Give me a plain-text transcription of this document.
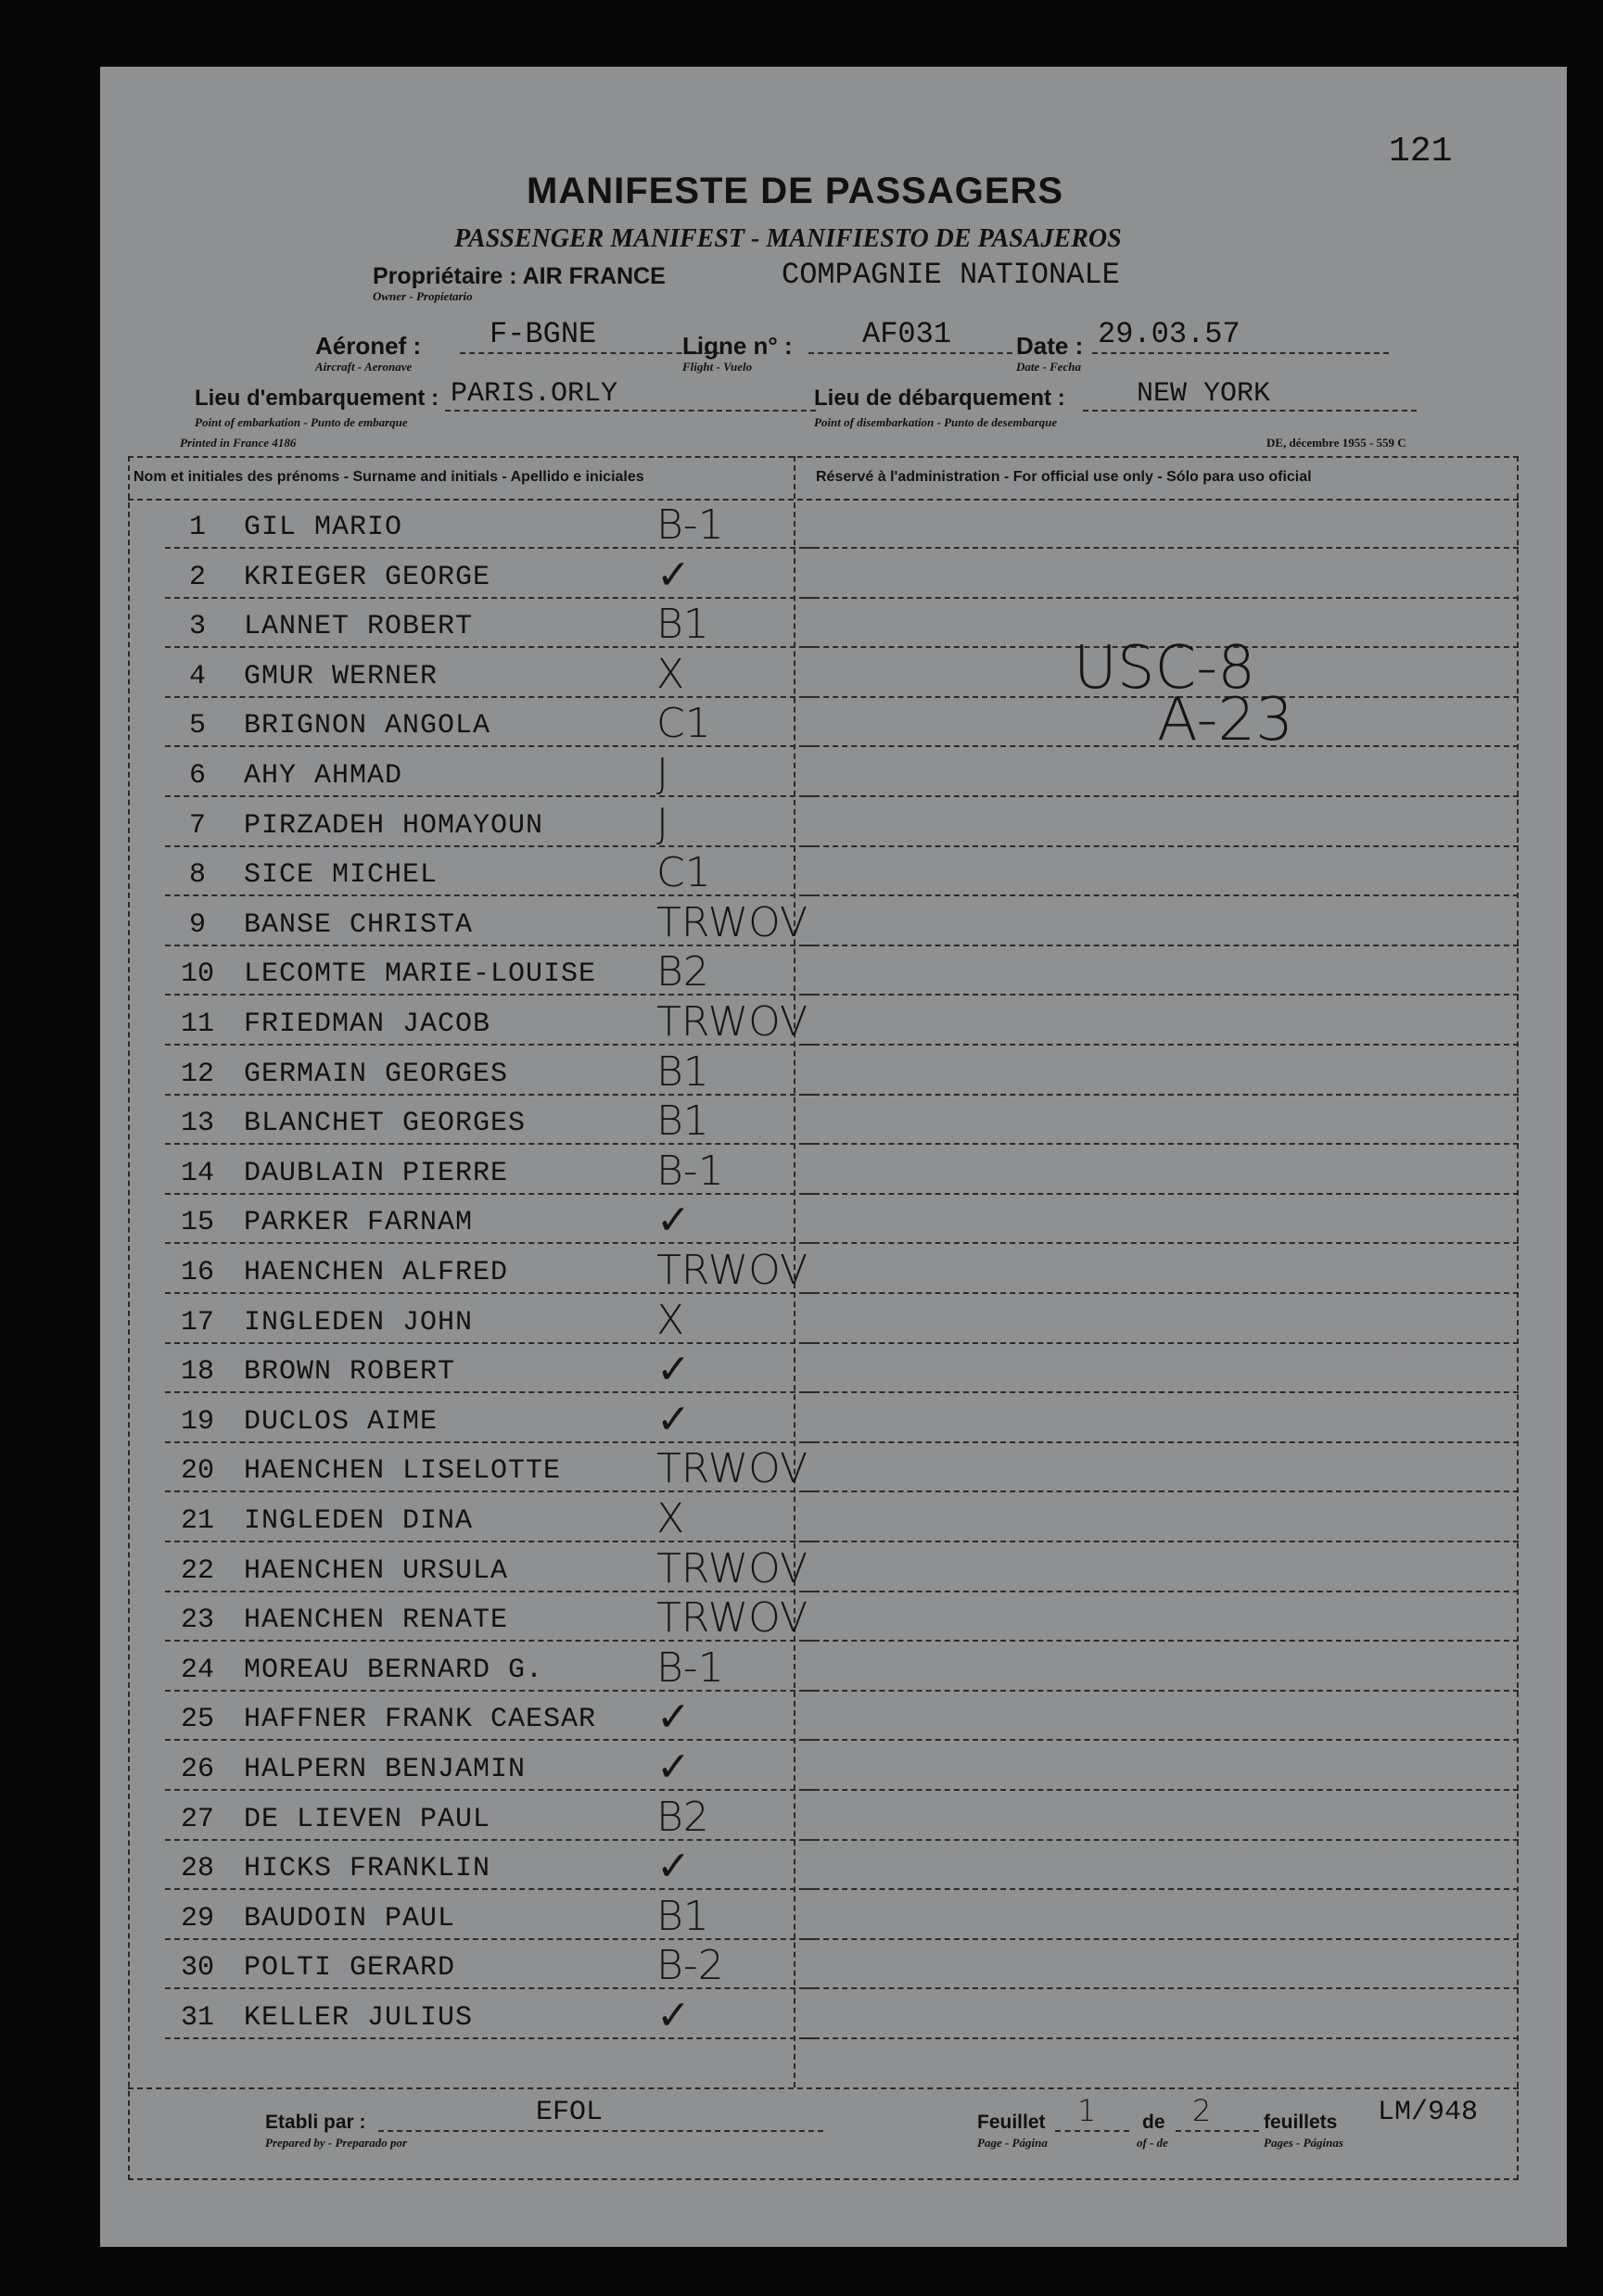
121
MANIFESTE DE PASSAGERS
PASSENGER MANIFEST - MANIFIESTO DE PASAJEROS
Propriétaire : AIR FRANCE	COMPAGNIE NATIONALE
Owner - Propietario
Aéronef : F-BGNE
Aircraft - Aeronave
Ligne n° : AF031
Flight - Vuelo
Date : 29.03.57
Date - Fecha
Lieu d'embarquement : PARIS.ORLY
Point of embarkation - Punto de embarque
Lieu de débarquement :	NEW YORK
Point of disembarkation - Punto de desembarque
Printed in France 4186	DE, décembre 1955 - 559 C
Nom et initiales des prénoms - Surname and initials - Apellido e iniciales	Réservé à l'administration - For official use only - Sólo para uso oficial
1	GIL MARIO	B-1
2	KRIEGER GEORGE	✓
3	LANNET ROBERT	B1
4	GMUR WERNER	X
5	BRIGNON ANGOLA	C1
6	AHY AHMAD	J
7	PIRZADEH HOMAYOUN	J
8	SICE MICHEL	C1
9	BANSE CHRISTA	TRWOV
10 LECOMTE MARIE-LOUISE B2
11 FRIEDMAN JACOB	TRWOV
12 GERMAIN GEORGES	B1
13 BLANCHET GEORGES	B1
14 DAUBLAIN PIERRE	B-1
15 PARKER FARNAM	✓
16 HAENCHEN ALFRED	TRWOV
17 INGLEDEN JOHN	X
18 BROWN ROBERT	✓
19 DUCLOS AIME	✓
20 HAENCHEN LISELOTTE TRWOV
21 INGLEDEN DINA	X
22 HAENCHEN URSULA	TRWOV
23 HAENCHEN RENATE	TRWOV
24 MOREAU BERNARD G.	B-1
25 HAFFNER FRANK CAESAR ✓
26 HALPERN BENJAMIN	✓
27 DE LIEVEN PAUL	B2
28 HICKS FRANKLIN	✓
29 BAUDOIN PAUL	B1
30 POLTI GERARD	B-2
31 KELLER JULIUS	✓
USC-8
A-23
Etabli par :	EFOL
Prepared by - Preparado por
Feuillet 1 de 2	feuillets LM/948
Page - Página	of - de	Pages - Páginas
